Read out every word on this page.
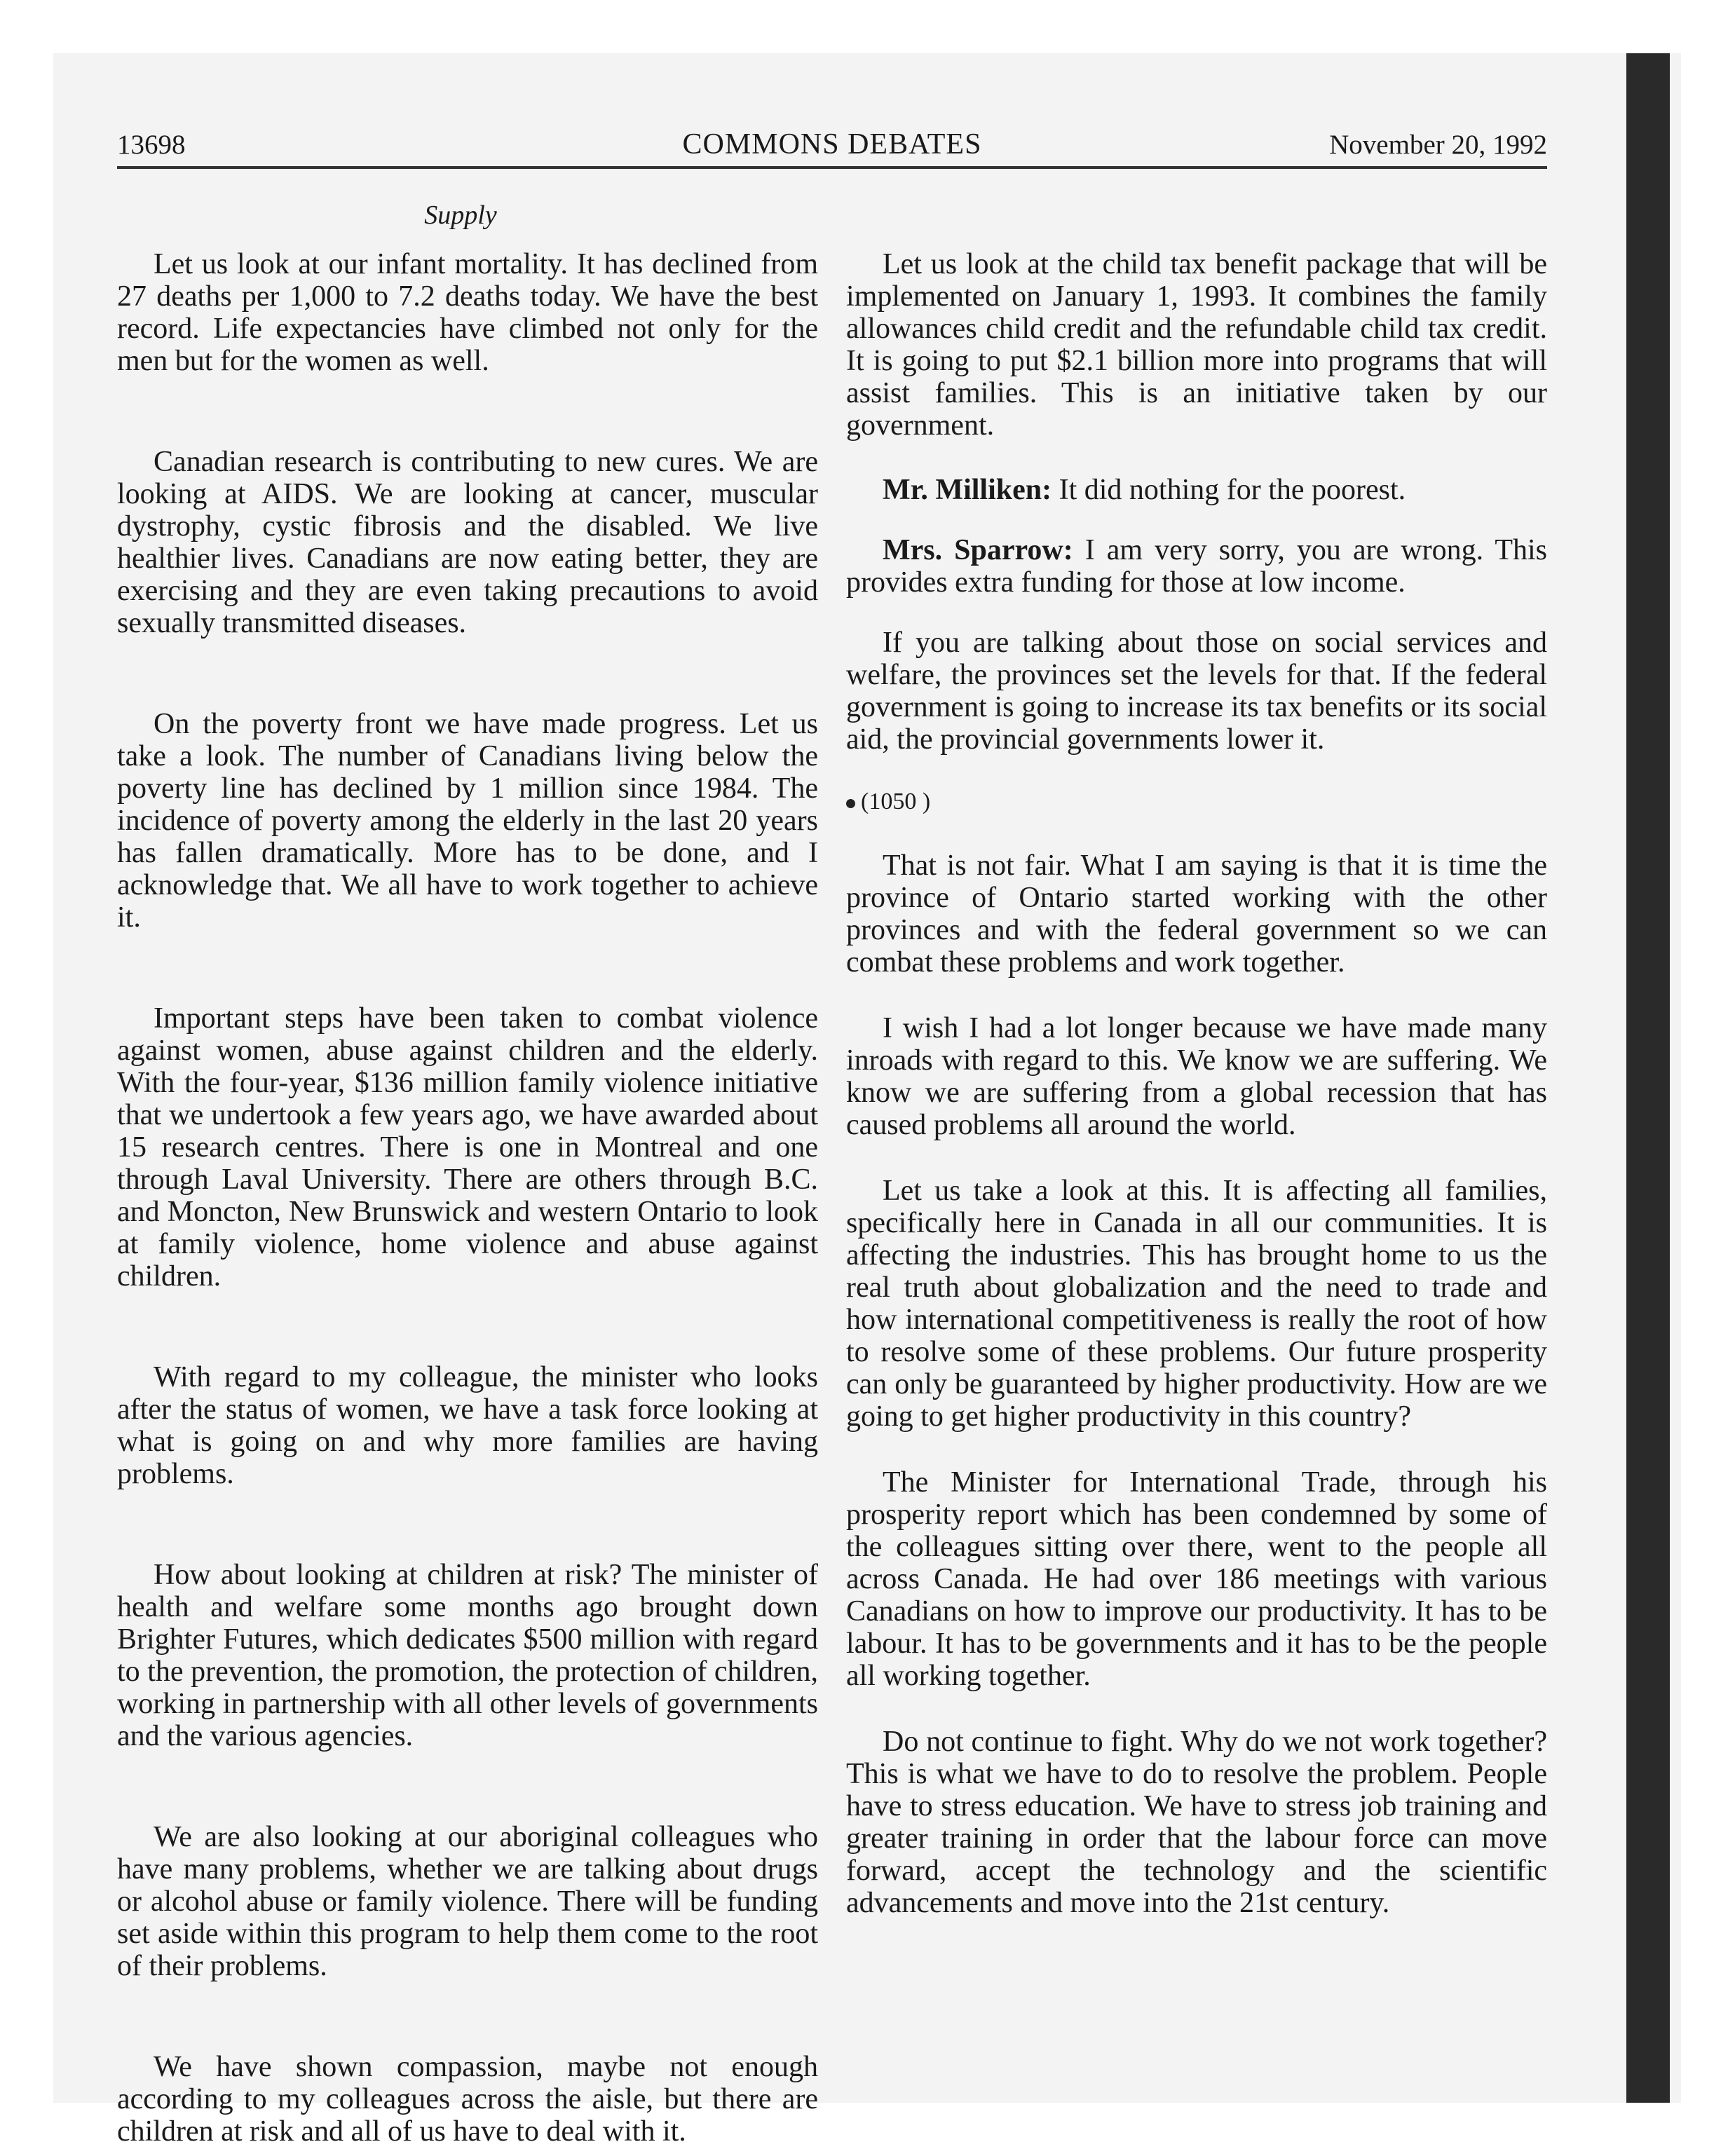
13698	COMMONS DEBATES	November 20, 1992
Supply

Let us look at our infant mortality. It has declined from 27 deaths per 1,000 to 7.2 deaths today. We have the best record. Life expectancies have climbed not only for the men but for the women as well.

Canadian research is contributing to new cures. We are looking at AIDS. We are looking at cancer, muscular dystrophy, cystic fibrosis and the disabled. We live healthier lives. Canadians are now eating better, they are exercising and they are even taking precautions to avoid sexually transmitted diseases.

On the poverty front we have made progress. Let us take a look. The number of Canadians living below the poverty line has declined by 1 million since 1984. The incidence of poverty among the elderly in the last 20 years has fallen dramatically. More has to be done, and I acknowledge that. We all have to work together to achieve it.

Important steps have been taken to combat violence against women, abuse against children and the elderly. With the four-year, $136 million family violence initiative that we undertook a few years ago, we have awarded about 15 research centres. There is one in Montreal and one through Laval University. There are others through B.C. and Moncton, New Brunswick and western Ontario to look at family violence, home violence and abuse against children.

With regard to my colleague, the minister who looks after the status of women, we have a task force looking at what is going on and why more families are having problems.

How about looking at children at risk? The minister of health and welfare some months ago brought down Brighter Futures, which dedicates $500 million with regard to the prevention, the promotion, the protection of children, working in partnership with all other levels of governments and the various agencies.

We are also looking at our aboriginal colleagues who have many problems, whether we are talking about drugs or alcohol abuse or family violence. There will be funding set aside within this program to help them come to the root of their problems.

We have shown compassion, maybe not enough according to my colleagues across the aisle, but there are children at risk and all of us have to deal with it.

Let us look at the child tax benefit package that will be implemented on January 1, 1993. It combines the family allowances child credit and the refundable child tax credit. It is going to put $2.1 billion more into programs that will assist families. This is an initiative taken by our government.

Mr. Milliken: It did nothing for the poorest.

Mrs. Sparrow: I am very sorry, you are wrong. This provides extra funding for those at low income.

If you are talking about those on social services and welfare, the provinces set the levels for that. If the federal government is going to increase its tax benefits or its social aid, the provincial governments lower it.

(1050 )

That is not fair. What I am saying is that it is time the province of Ontario started working with the other provinces and with the federal government so we can combat these problems and work together.

I wish I had a lot longer because we have made many inroads with regard to this. We know we are suffering. We know we are suffering from a global recession that has caused problems all around the world.

Let us take a look at this. It is affecting all families, specifically here in Canada in all our communities. It is affecting the industries. This has brought home to us the real truth about globalization and the need to trade and how international competitiveness is really the root of how to resolve some of these problems. Our future prosperity can only be guaranteed by higher productivity. How are we going to get higher productivity in this country?

The Minister for International Trade, through his prosperity report which has been condemned by some of the colleagues sitting over there, went to the people all across Canada. He had over 186 meetings with various Canadians on how to improve our productivity. It has to be labour. It has to be governments and it has to be the people all working together.

Do not continue to fight. Why do we not work together? This is what we have to do to resolve the problem. People have to stress education. We have to stress job training and greater training in order that the labour force can move forward, accept the technology and the scientific advancements and move into the 21st century.
